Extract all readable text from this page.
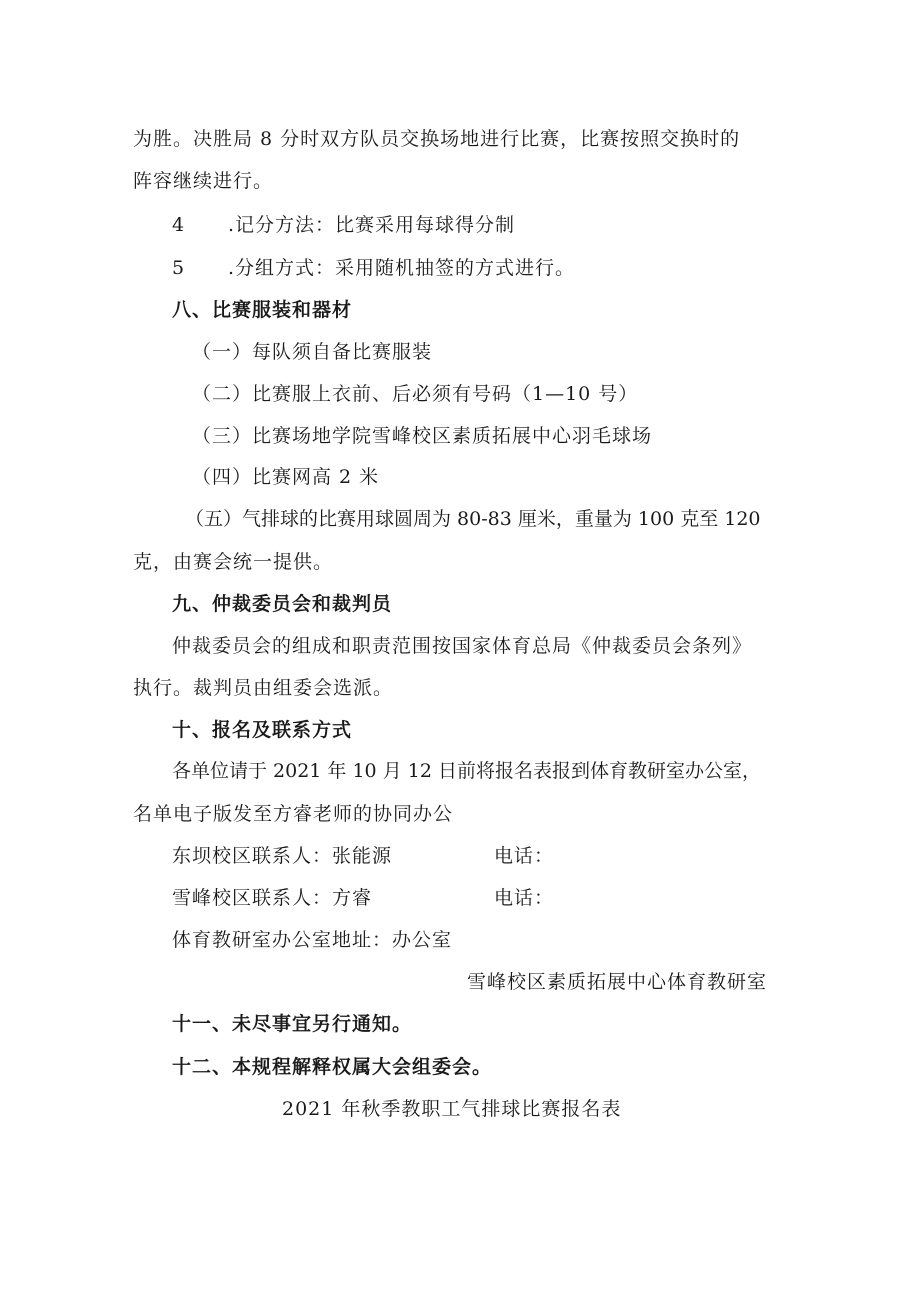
为胜。决胜局 8 分时双方队员交换场地进行比赛，比赛按照交换时的
阵容继续进行。
4 .记分方法：比赛采用每球得分制
5 .分组方式：采用随机抽签的方式进行。
八、比赛服装和器材
（一）每队须自备比赛服装
（二）比赛服上衣前、后必须有号码（1—10 号）
（三）比赛场地学院雪峰校区素质拓展中心羽毛球场
（四）比赛网高 2 米
（五）气排球的比赛用球圆周为 80-83 厘米，重量为 100 克至 120
克，由赛会统一提供。
九、仲裁委员会和裁判员
仲裁委员会的组成和职责范围按国家体育总局《仲裁委员会条列》
执行。裁判员由组委会选派。
十、报名及联系方式
各单位请于 2021 年 10 月 12 日前将报名表报到体育教研室办公室，
名单电子版发至方睿老师的协同办公
东坝校区联系人：张能源	电话：
雪峰校区联系人：方睿	电话：
体育教研室办公室地址：办公室
雪峰校区素质拓展中心体育教研室
十一、未尽事宜另行通知。
十二、本规程解释权属大会组委会。
2021 年秋季教职工气排球比赛报名表
